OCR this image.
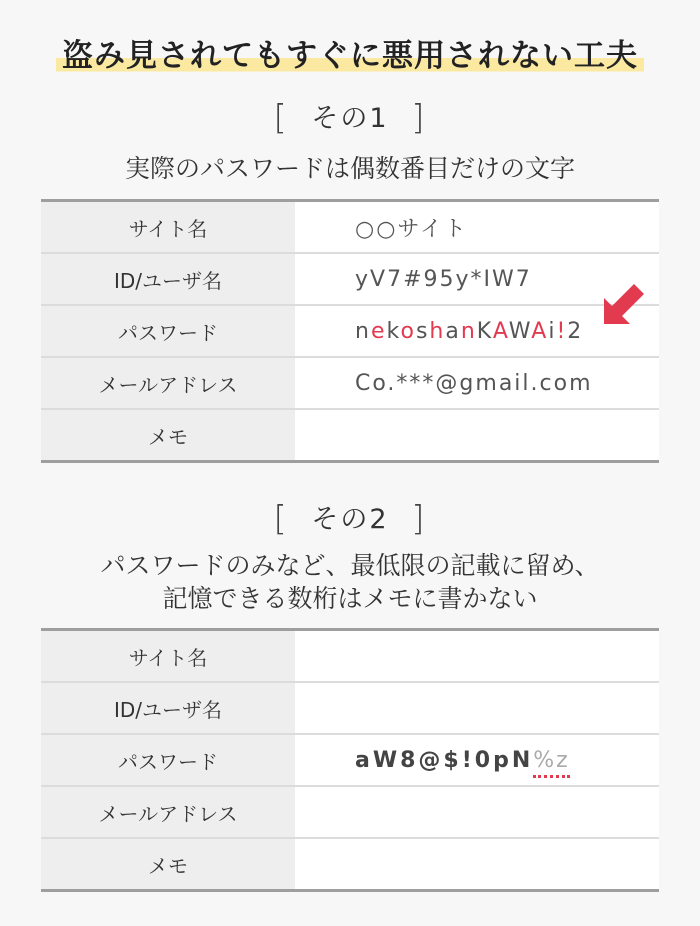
盗み見されてもすぐに悪用されない工夫
[ その1 ]
実際のパスワードは偶数番目だけの文字
サイト名	○○サイト
ID/ユーザ名	yV7#95y*IW7
パスワード	nekoshanKAWAi!2
メールアドレス	Co.***@gmail.com
メモ	
[ その2 ]
パスワードのみなど、最低限の記載に留め、
記憶できる数桁はメモに書かない
サイト名	
ID/ユーザ名	
パスワード	aW8@$!0pN%z
メールアドレス	
メモ	
